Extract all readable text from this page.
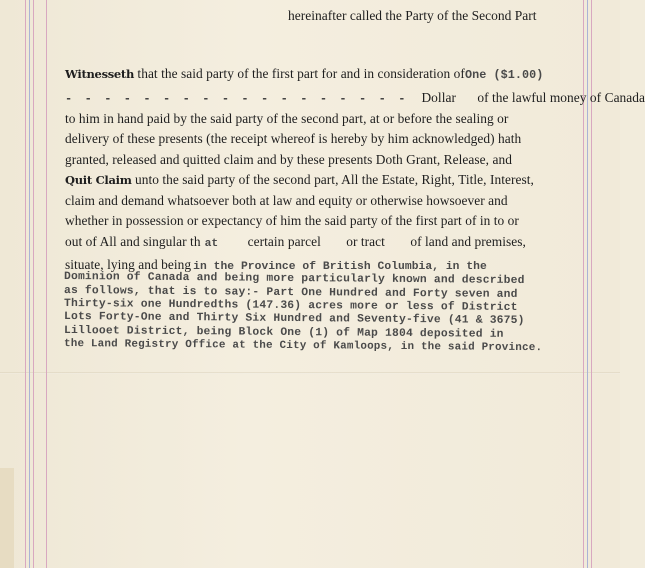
hereinafter called the Party of the Second Part
Witnesseth that the said party of the first part for and in consideration ofOne ($1.00)
- - - - - - - - - - - - - - - - - - Dollar of the lawful money of Canada
to him in hand paid by the said party of the second part, at or before the sealing or
delivery of these presents (the receipt whereof is hereby by him acknowledged) hath
granted, released and quitted claim and by these presents Doth Grant, Release, and
Quit Claim unto the said party of the second part, All the Estate, Right, Title, Interest,
claim and demand whatsoever both at law and equity or otherwise howsoever and
whether in possession or expectancy of him the said party of the first part of in to or
out of All and singular th at certain parcel or tract of land and premises,
situate, lying and being in the Province of British Columbia, in the
Dominion of Canada and being more particularly known and described
as follows, that is to say:- Part One Hundred and Forty seven and
Thirty-six one Hundredths (147.36) acres more or less of District
Lots Forty-One and Thirty Six Hundred and Seventy-five (41 & 3675)
Lillooet District, being Block One (1) of Map 1804 deposited in
the Land Registry Office at the City of Kamloops, in the said Province.
